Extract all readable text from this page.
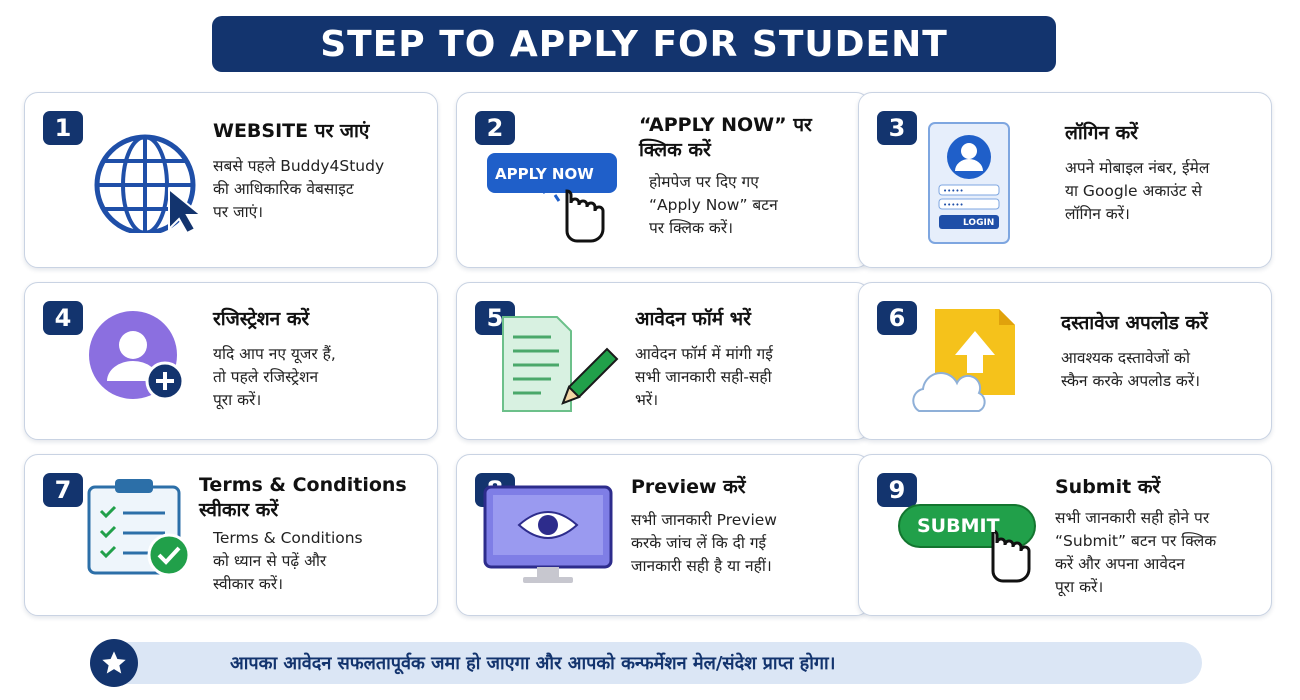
STEP TO APPLY FOR STUDENT
1	WEBSITE पर जाएं
सबसे पहले Buddy4Study
की आधिकारिक वेबसाइट
पर जाएं।
2
APPLY NOW
“APPLY NOW” पर
क्लिक करें
होमपेज पर दिए गए
“Apply Now” बटन
पर क्लिक करें।
3
•••••
•••••
LOGIN
लॉगिन करें
अपने मोबाइल नंबर, ईमेल
या Google अकाउंट से
लॉगिन करें।
4	रजिस्ट्रेशन करें
यदि आप नए यूजर हैं,
तो पहले रजिस्ट्रेशन
पूरा करें।
5	आवेदन फॉर्म भरें
आवेदन फॉर्म में मांगी गई
सभी जानकारी सही-सही
भरें।
6	दस्तावेज अपलोड करें
आवश्यक दस्तावेजों को
स्कैन करके अपलोड करें।
7	Terms & Conditions
स्वीकार करें
Terms & Conditions
को ध्यान से पढ़ें और
स्वीकार करें।
Preview करें
सभी जानकारी Preview
करके जांच लें कि दी गई
जानकारी सही है या नहीं।
9
SUBMIT
Submit करें
सभी जानकारी सही होने पर
“Submit” बटन पर क्लिक
करें और अपना आवेदन
पूरा करें।
आपका आवेदन सफलतापूर्वक जमा हो जाएगा और आपको कन्फर्मेशन मेल/संदेश प्राप्त होगा।
